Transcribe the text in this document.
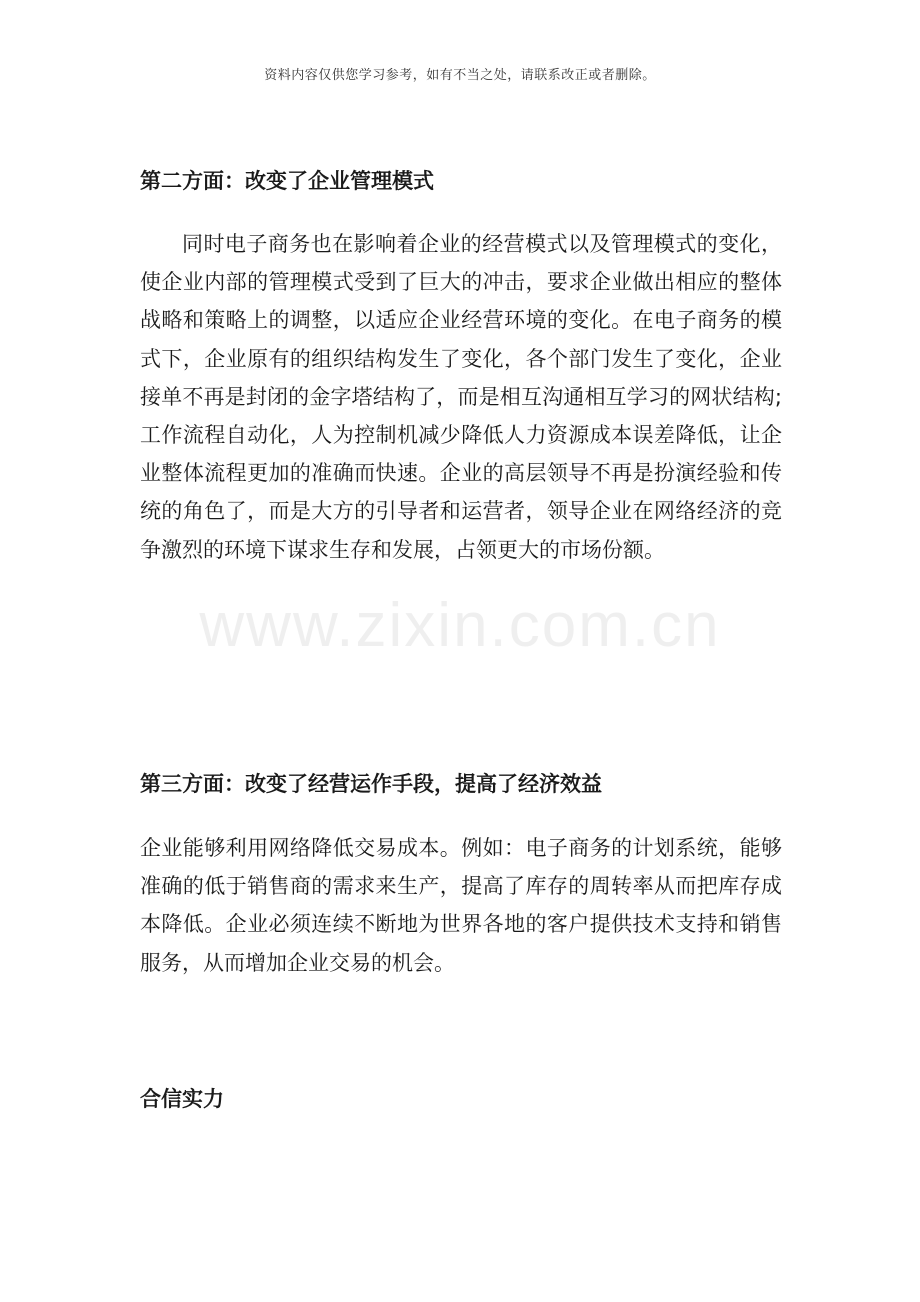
资料内容仅供您学习参考，如有不当之处，请联系改正或者删除。
www.zixin.com.cn
第二方面：改变了企业管理模式

同时电子商务也在影响着企业的经营模式以及管理模式的变化，使企业内部的管理模式受到了巨大的冲击，要求企业做出相应的整体战略和策略上的调整，以适应企业经营环境的变化。在电子商务的模式下，企业原有的组织结构发生了变化，各个部门发生了变化，企业接单不再是封闭的金字塔结构了，而是相互沟通相互学习的网状结构;工作流程自动化，人为控制机减少降低人力资源成本误差降低，让企业整体流程更加的准确而快速。企业的高层领导不再是扮演经验和传统的角色了，而是大方的引导者和运营者，领导企业在网络经济的竞争激烈的环境下谋求生存和发展，占领更大的市场份额。

第三方面：改变了经营运作手段，提高了经济效益

企业能够利用网络降低交易成本。例如：电子商务的计划系统，能够准确的低于销售商的需求来生产，提高了库存的周转率从而把库存成本降低。企业必须连续不断地为世界各地的客户提供技术支持和销售服务，从而增加企业交易的机会。

合信实力
